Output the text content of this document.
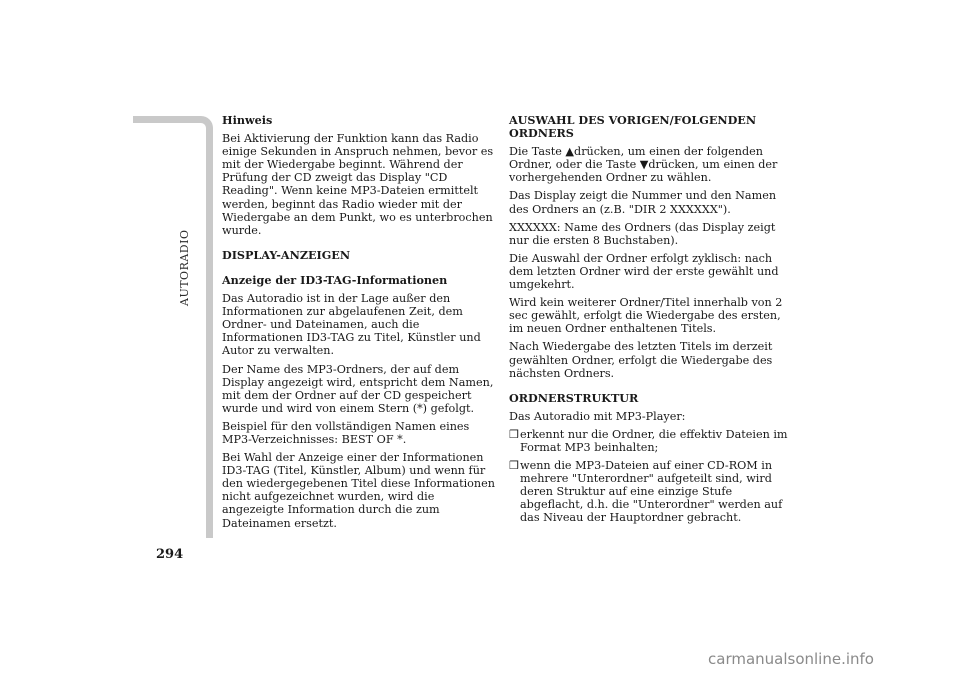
AUTORADIO
294
Hinweis

Bei Aktivierung der Funktion kann das Radio einige Sekunden in Anspruch nehmen, bevor es mit der Wiedergabe beginnt. Während der Prüfung der CD zweigt das Display "CD Reading". Wenn keine MP3-Dateien ermittelt werden, beginnt das Radio wieder mit der Wiedergabe an dem Punkt, wo es unterbrochen wurde.

DISPLAY-ANZEIGEN
Anzeige der ID3-TAG-Informationen

Das Autoradio ist in der Lage außer den Informationen zur abgelaufenen Zeit, dem Ordner- und Dateinamen, auch die Informationen ID3-TAG zu Titel, Künstler und Autor zu verwalten.

Der Name des MP3-Ordners, der auf dem Display angezeigt wird, entspricht dem Namen, mit dem der Ordner auf der CD gespeichert wurde und wird von einem Stern (*) gefolgt.

Beispiel für den vollständigen Namen eines MP3-Verzeichnisses: BEST OF *.

Bei Wahl der Anzeige einer der Informationen ID3-TAG (Titel, Künstler, Album) und wenn für den wiedergegebenen Titel diese Informationen nicht aufgezeichnet wurden, wird die angezeigte Information durch die zum Dateinamen ersetzt.

AUSWAHL DES VORIGEN/FOLGENDEN ORDNERS

Die Taste ▲drücken, um einen der folgenden Ordner, oder die Taste ▼drücken, um einen der vorhergehenden Ordner zu wählen.

Das Display zeigt die Nummer und den Namen des Ordners an (z.B. "DIR 2 XXXXXX").

XXXXXX: Name des Ordners (das Display zeigt nur die ersten 8 Buchstaben).

Die Auswahl der Ordner erfolgt zyklisch: nach dem letzten Ordner wird der erste gewählt und umgekehrt.

Wird kein weiterer Ordner/Titel innerhalb von 2 sec gewählt, erfolgt die Wiedergabe des ersten, im neuen Ordner enthaltenen Titels.

Nach Wiedergabe des letzten Titels im derzeit gewählten Ordner, erfolgt die Wiedergabe des nächsten Ordners.

ORDNERSTRUKTUR

Das Autoradio mit MP3-Player:

❒ erkennt nur die Ordner, die effektiv Dateien im Format MP3 beinhalten;
❒ wenn die MP3-Dateien auf einer CD-ROM in mehrere "Unterordner" aufgeteilt sind, wird deren Struktur auf eine einzige Stufe abgeflacht, d.h. die "Unterordner" werden auf das Niveau der Hauptordner gebracht.
carmanualsonline.info
